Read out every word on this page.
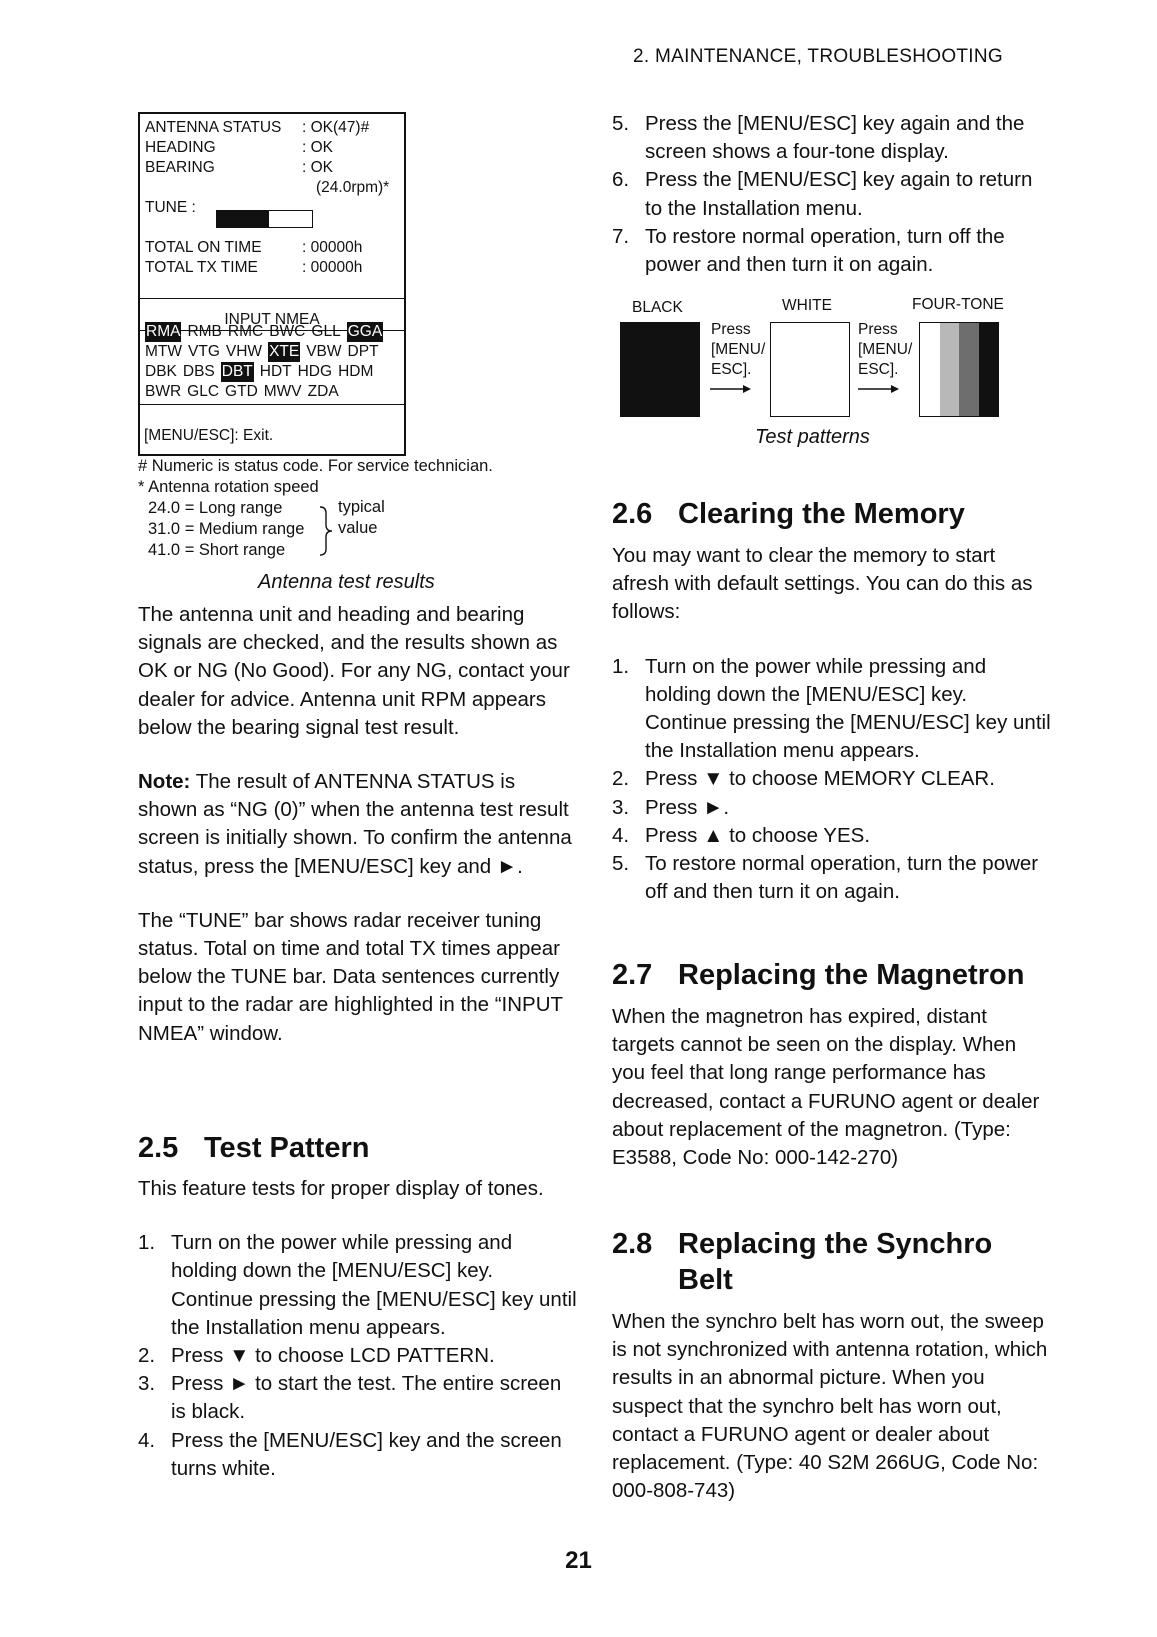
2. MAINTENANCE, TROUBLESHOOTING
ANTENNA STATUS : OK(47)#
HEADING	: OK
BEARING	: OK
(24.0rpm)*
TUNE :
TOTAL ON TIME	: 00000h
TOTAL TX TIME	: 00000h
INPUT NMEA
RMA RMB RMC BWC GLL GGA
MTW VTG VHW XTE VBW DPT
DBK DBS DBT HDT HDG HDM
BWR GLC GTD MWV ZDA
[MENU/ESC]: Exit.
# Numeric is status code. For service technician.
* Antenna rotation speed
24.0 = Long range
31.0 = Medium range
41.0 = Short range
typical
value
Antenna test results

The antenna unit and heading and bearing signals are checked, and the results shown as OK or NG (No Good). For any NG, contact your dealer for advice. Antenna unit RPM appears below the bearing signal test result.

Note: The result of ANTENNA STATUS is shown as “NG (0)” when the antenna test result screen is initially shown. To confirm the antenna status, press the [MENU/ESC] key and ►.

The “TUNE” bar shows radar receiver tuning status. Total on time and total TX times appear below the TUNE bar. Data sentences currently input to the radar are highlighted in the “INPUT NMEA” window.

2.5 Test Pattern

This feature tests for proper display of tones.

1. Turn on the power while pressing and holding down the [MENU/ESC] key. Continue pressing the [MENU/ESC] key until the Installation menu appears.
2. Press ▼ to choose LCD PATTERN.
3. Press ► to start the test. The entire screen is black.
4. Press the [MENU/ESC] key and the screen turns white.
5. Press the [MENU/ESC] key again and the screen shows a four-tone display.
6. Press the [MENU/ESC] key again to return to the Installation menu.
7. To restore normal operation, turn off the power and then turn it on again.
BLACK	WHITE	FOUR-TONE
Press
[MENU/
ESC].
Press
[MENU/
ESC].
Test patterns
2.6 Clearing the Memory

You may want to clear the memory to start afresh with default settings. You can do this as follows:

1. Turn on the power while pressing and holding down the [MENU/ESC] key. Continue pressing the [MENU/ESC] key until the Installation menu appears.
2. Press ▼ to choose MEMORY CLEAR.
3. Press ►.
4. Press ▲ to choose YES.
5. To restore normal operation, turn the power off and then turn it on again.
2.7 Replacing the Magnetron

When the magnetron has expired, distant targets cannot be seen on the display. When you feel that long range performance has decreased, contact a FURUNO agent or dealer about replacement of the magnetron. (Type: E3588, Code No: 000-142-270)

2.8 Replacing the Synchro
Belt

When the synchro belt has worn out, the sweep is not synchronized with antenna rotation, which results in an abnormal picture. When you suspect that the synchro belt has worn out, contact a FURUNO agent or dealer about replacement. (Type: 40 S2M 266UG, Code No: 000-808-743)

21
